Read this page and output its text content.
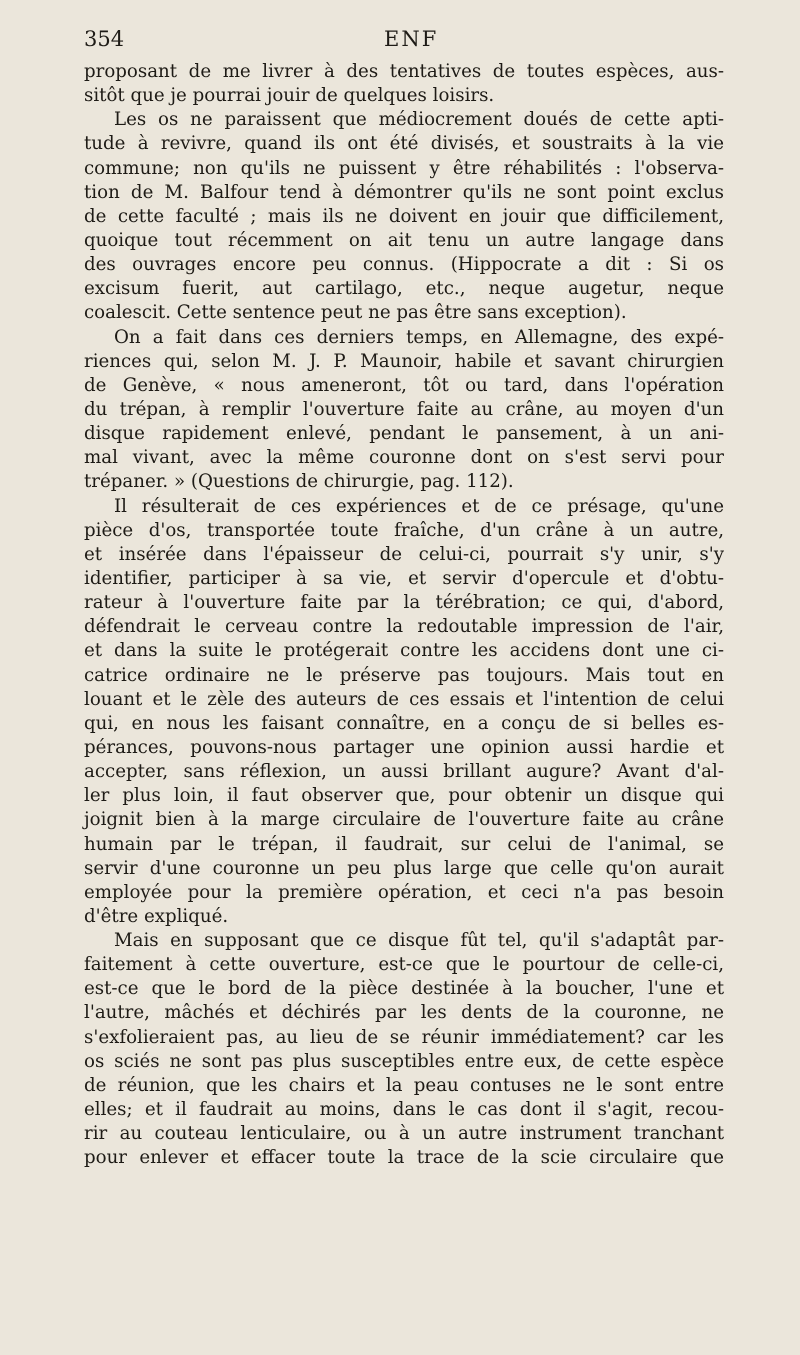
354	ENF
proposant de me livrer à des tentatives de toutes espèces, aus-
sitôt que je pourrai jouir de quelques loisirs.
Les os ne paraissent que médiocrement doués de cette apti-
tude à revivre, quand ils ont été divisés, et soustraits à la vie
commune; non qu'ils ne puissent y être réhabilités : l'observa-
tion de M. Balfour tend à démontrer qu'ils ne sont point exclus
de cette faculté ; mais ils ne doivent en jouir que difficilement,
quoique tout récemment on ait tenu un autre langage dans
des ouvrages encore peu connus. (Hippocrate a dit : Si os
excisum fuerit, aut cartilago, etc., neque augetur, neque
coalescit. Cette sentence peut ne pas être sans exception).
On a fait dans ces derniers temps, en Allemagne, des expé-
riences qui, selon M. J. P. Maunoir, habile et savant chirurgien
de Genève, « nous ameneront, tôt ou tard, dans l'opération
du trépan, à remplir l'ouverture faite au crâne, au moyen d'un
disque rapidement enlevé, pendant le pansement, à un ani-
mal vivant, avec la même couronne dont on s'est servi pour
trépaner. » (Questions de chirurgie, pag. 112).
Il résulterait de ces expériences et de ce présage, qu'une
pièce d'os, transportée toute fraîche, d'un crâne à un autre,
et insérée dans l'épaisseur de celui-ci, pourrait s'y unir, s'y
identifier, participer à sa vie, et servir d'opercule et d'obtu-
rateur à l'ouverture faite par la térébration; ce qui, d'abord,
défendrait le cerveau contre la redoutable impression de l'air,
et dans la suite le protégerait contre les accidens dont une ci-
catrice ordinaire ne le préserve pas toujours. Mais tout en
louant et le zèle des auteurs de ces essais et l'intention de celui
qui, en nous les faisant connaître, en a conçu de si belles es-
pérances, pouvons-nous partager une opinion aussi hardie et
accepter, sans réflexion, un aussi brillant augure? Avant d'al-
ler plus loin, il faut observer que, pour obtenir un disque qui
joignit bien à la marge circulaire de l'ouverture faite au crâne
humain par le trépan, il faudrait, sur celui de l'animal, se
servir d'une couronne un peu plus large que celle qu'on aurait
employée pour la première opération, et ceci n'a pas besoin
d'être expliqué.
Mais en supposant que ce disque fût tel, qu'il s'adaptât par-
faitement à cette ouverture, est-ce que le pourtour de celle-ci,
est-ce que le bord de la pièce destinée à la boucher, l'une et
l'autre, mâchés et déchirés par les dents de la couronne, ne
s'exfolieraient pas, au lieu de se réunir immédiatement? car les
os sciés ne sont pas plus susceptibles entre eux, de cette espèce
de réunion, que les chairs et la peau contuses ne le sont entre
elles; et il faudrait au moins, dans le cas dont il s'agit, recou-
rir au couteau lenticulaire, ou à un autre instrument tranchant
pour enlever et effacer toute la trace de la scie circulaire que
